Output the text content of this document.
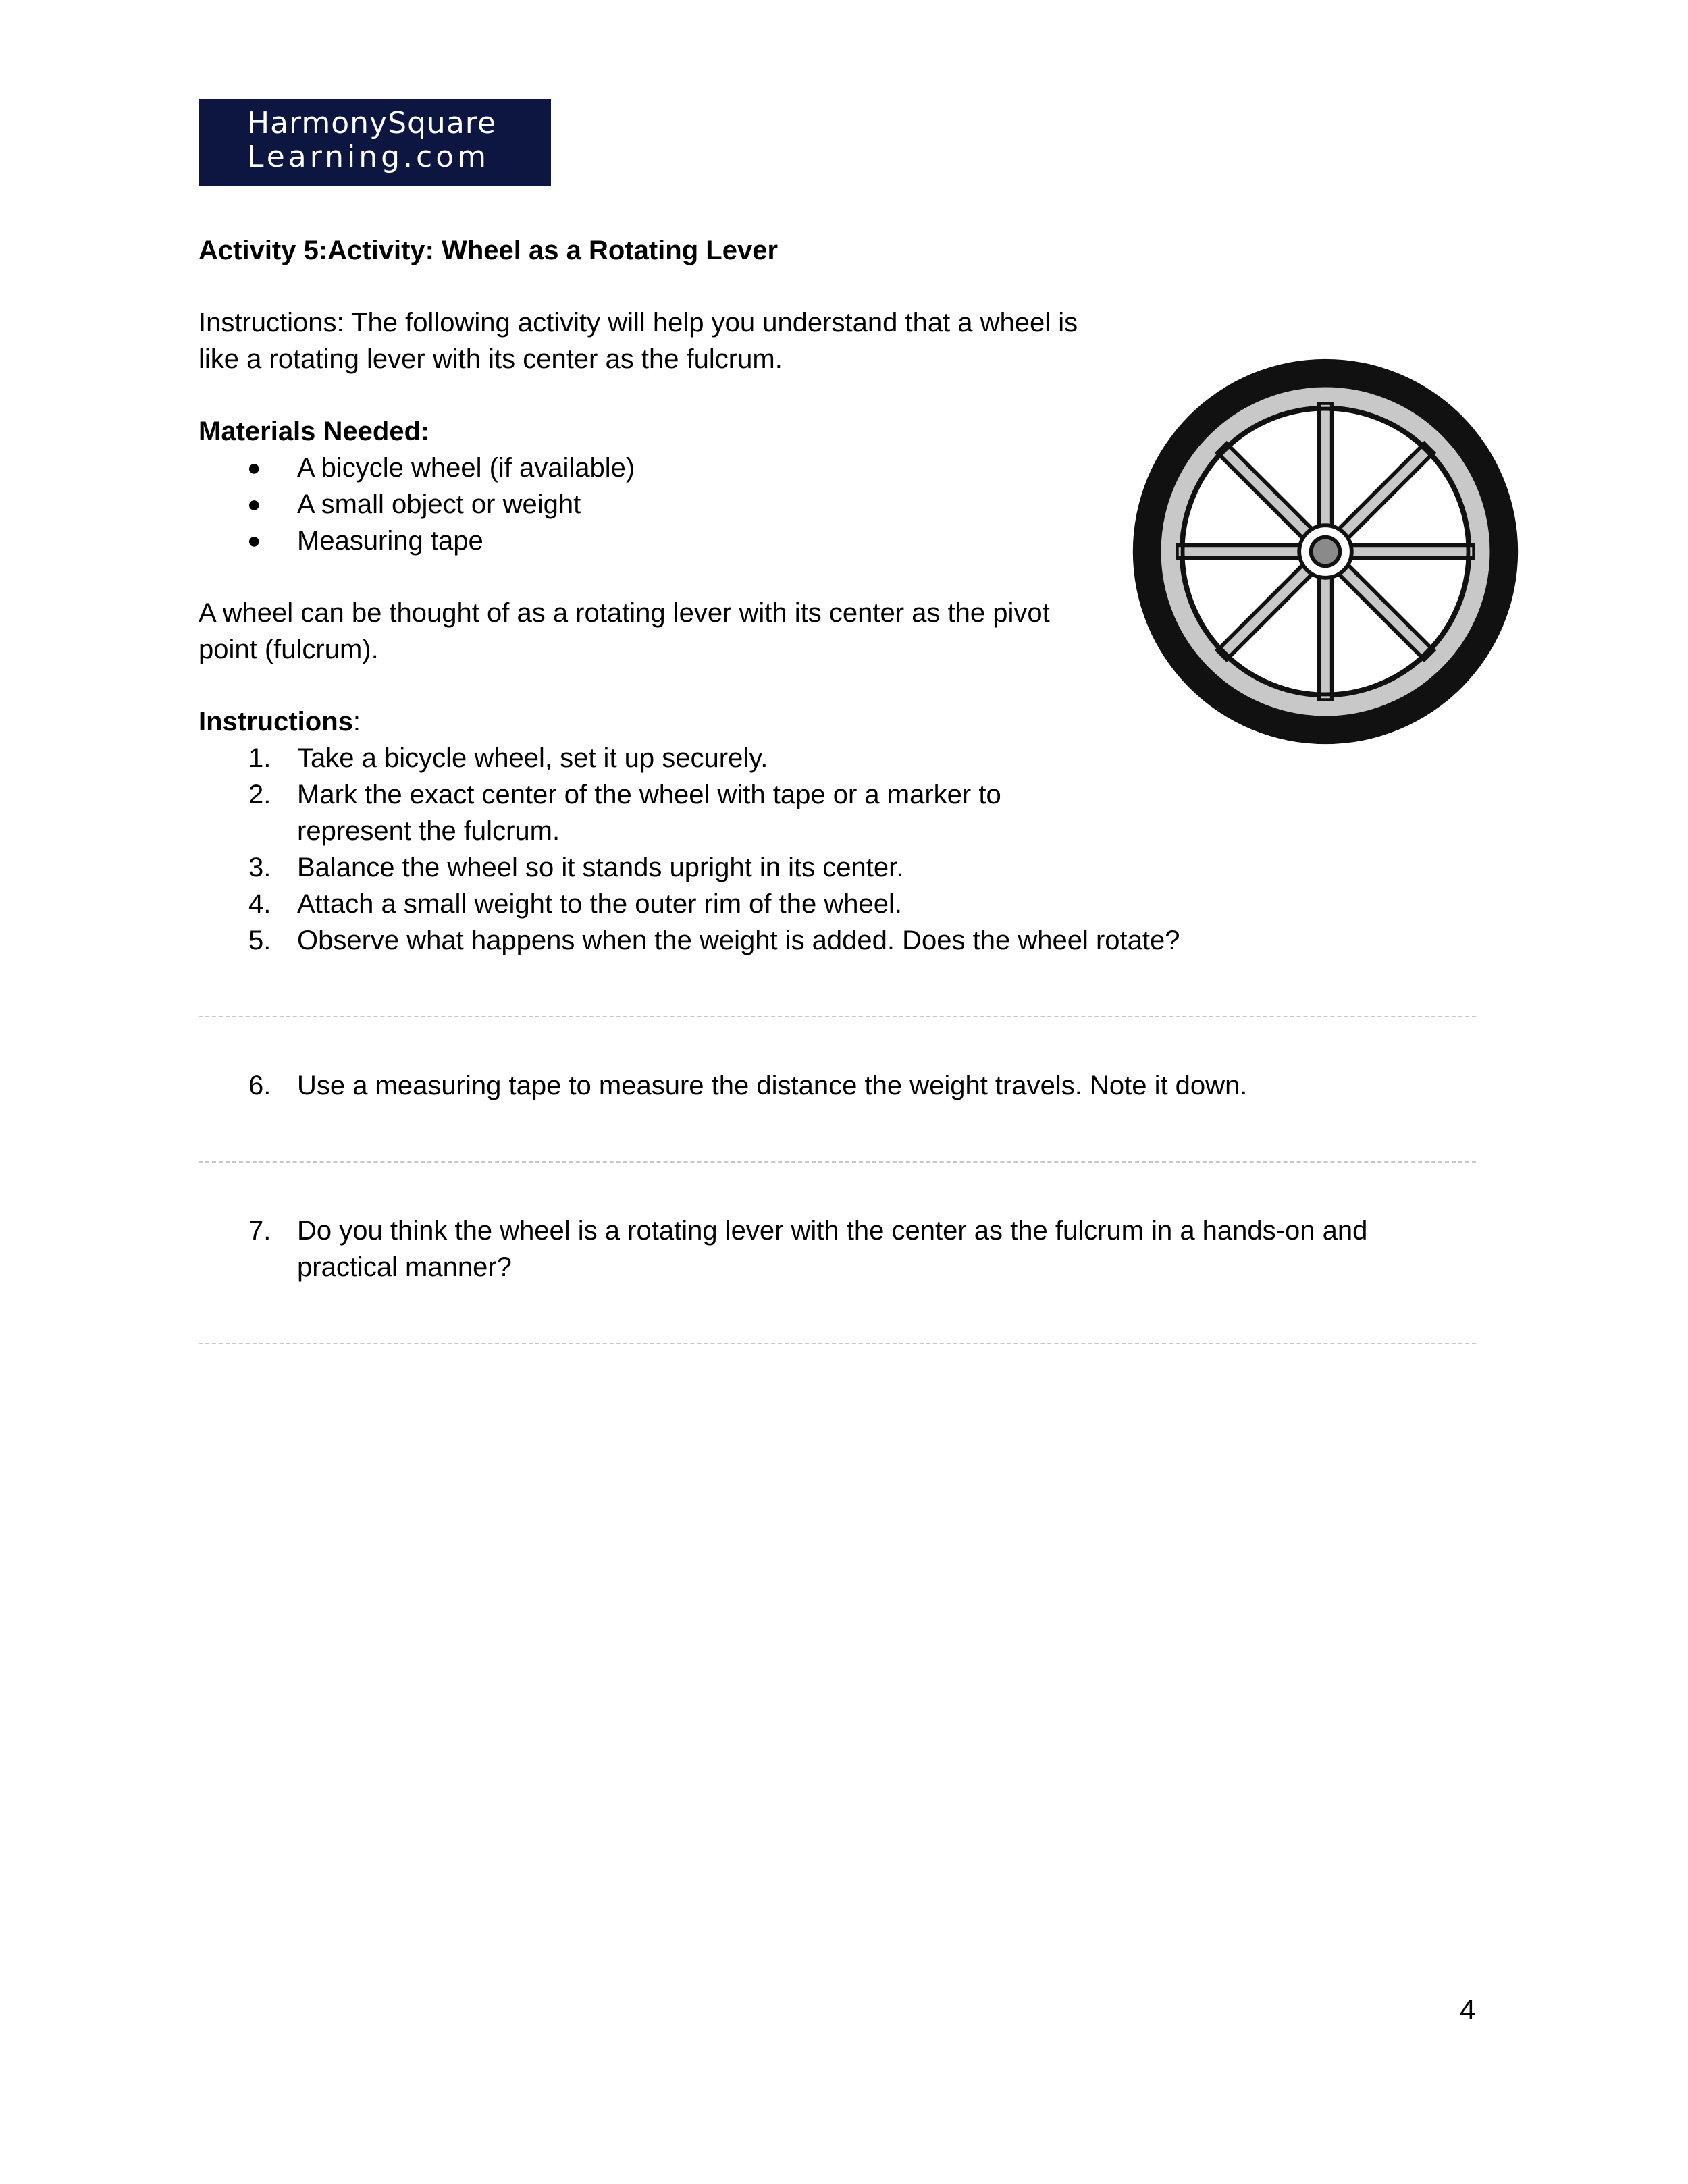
HarmonySquare
Learning.com
Activity 5:Activity: Wheel as a Rotating Lever
Instructions: The following activity will help you understand that a wheel is
like a rotating lever with its center as the fulcrum.
Materials Needed:
● A bicycle wheel (if available)
● A small object or weight
● Measuring tape
A wheel can be thought of as a rotating lever with its center as the pivot
point (fulcrum).
Instructions:
1. Take a bicycle wheel, set it up securely.
2. Mark the exact center of the wheel with tape or a marker to
represent the fulcrum.
3. Balance the wheel so it stands upright in its center.
4. Attach a small weight to the outer rim of the wheel.
5. Observe what happens when the weight is added. Does the wheel rotate?
6. Use a measuring tape to measure the distance the weight travels. Note it down.
7. Do you think the wheel is a rotating lever with the center as the fulcrum in a hands-on and
practical manner?
4
